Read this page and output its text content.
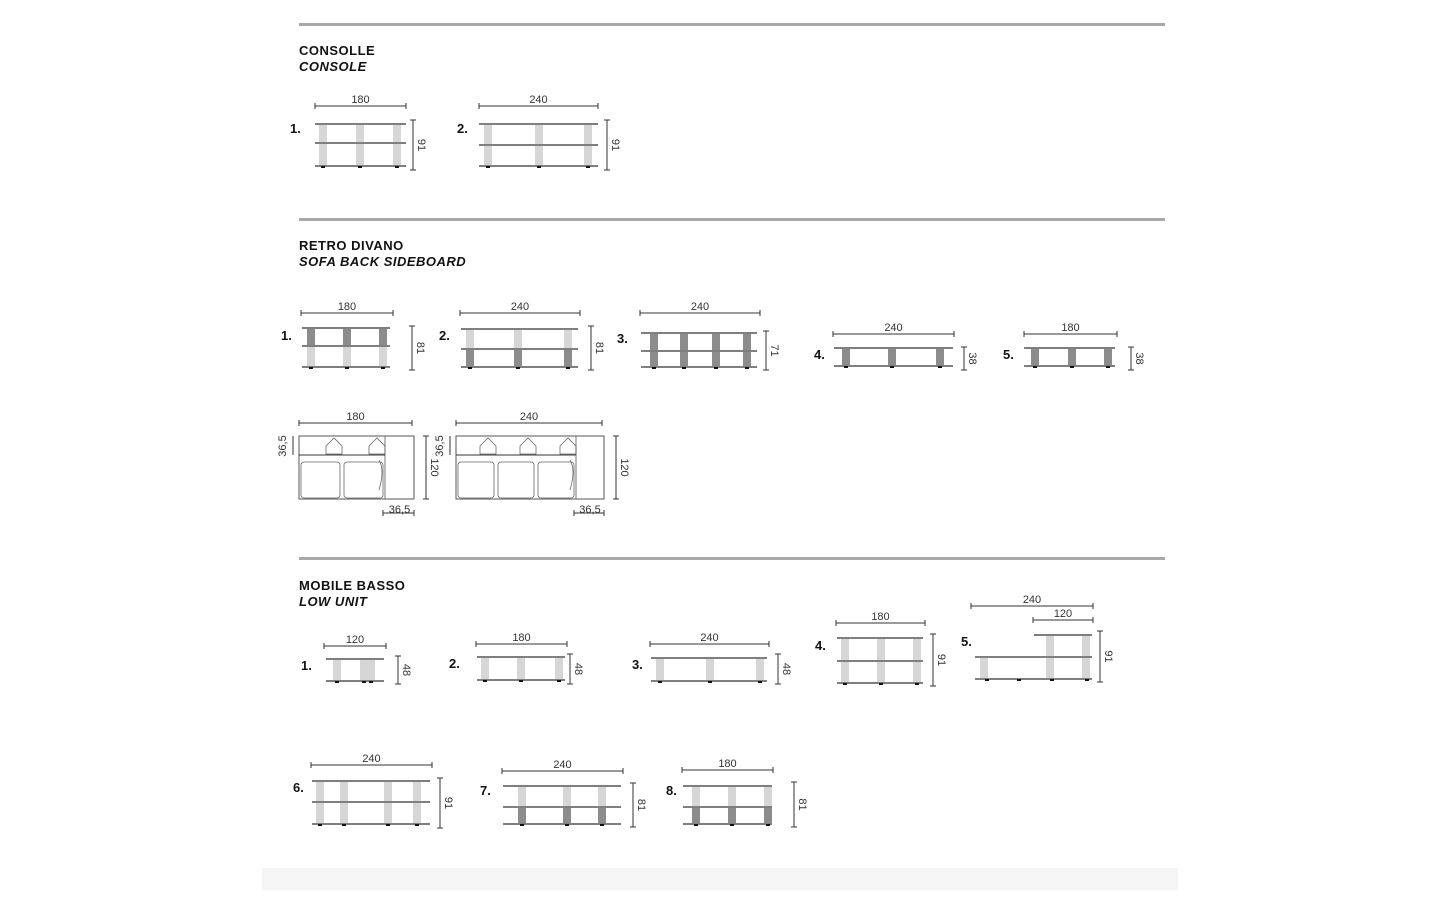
CONSOLLE
CONSOLE
RETRO DIVANO
SOFA BACK SIDEBOARD
MOBILE BASSO
LOW UNIT
1.	2.
1.	2.	3.
4.	5.
1.	2.	3.
4.	5.
6.	7.	8.
180
91
240
91
180
81
240
81
240
71
240
38
180
38
180
36,5
120
36,5
240
36,5
120
36,5
120
48
180
48
240
48
180
91
240
120
91
240
91
240
81
180
81
